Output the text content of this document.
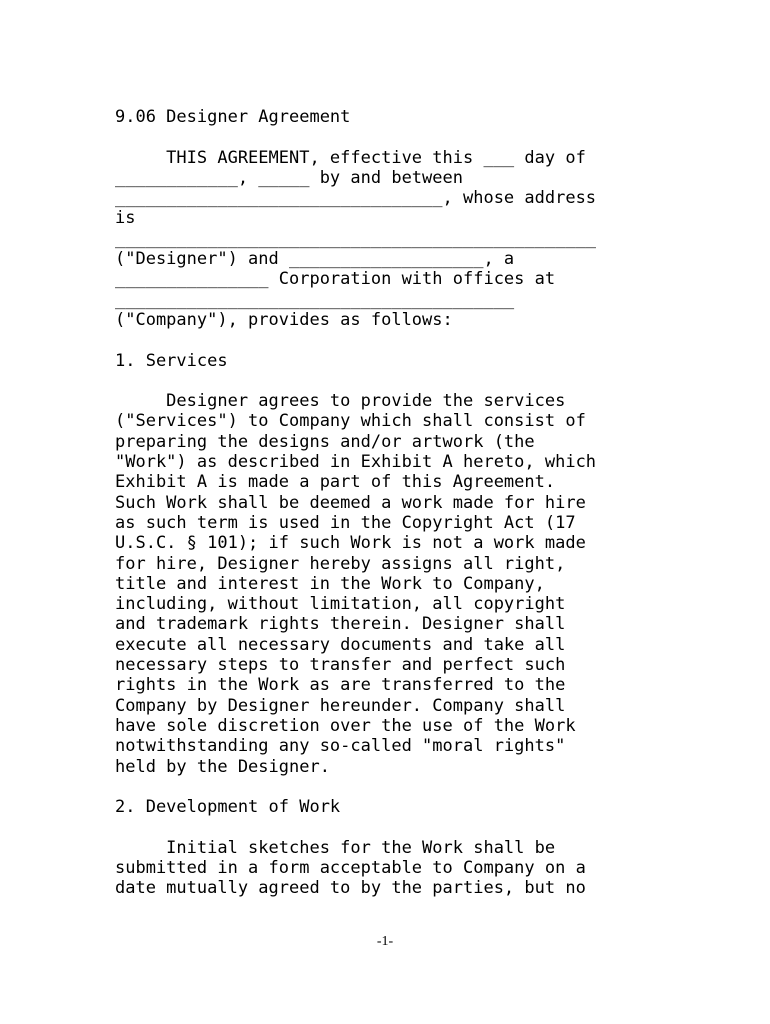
9.06 Designer Agreement
THIS AGREEMENT, effective this ___ day of
____________, _____ by and between
________________________________, whose address
is
_______________________________________________
("Designer") and ___________________, a
_______________ Corporation with offices at
_______________________________________
("Company"), provides as follows:
1. Services
Designer agrees to provide the services
("Services") to Company which shall consist of
preparing the designs and/or artwork (the
"Work") as described in Exhibit A hereto, which
Exhibit A is made a part of this Agreement.
Such Work shall be deemed a work made for hire
as such term is used in the Copyright Act (17
U.S.C. § 101); if such Work is not a work made
for hire, Designer hereby assigns all right,
title and interest in the Work to Company,
including, without limitation, all copyright
and trademark rights therein. Designer shall
execute all necessary documents and take all
necessary steps to transfer and perfect such
rights in the Work as are transferred to the
Company by Designer hereunder. Company shall
have sole discretion over the use of the Work
notwithstanding any so-called "moral rights"
held by the Designer.
2. Development of Work
Initial sketches for the Work shall be
submitted in a form acceptable to Company on a
date mutually agreed to by the parties, but no
-1-
